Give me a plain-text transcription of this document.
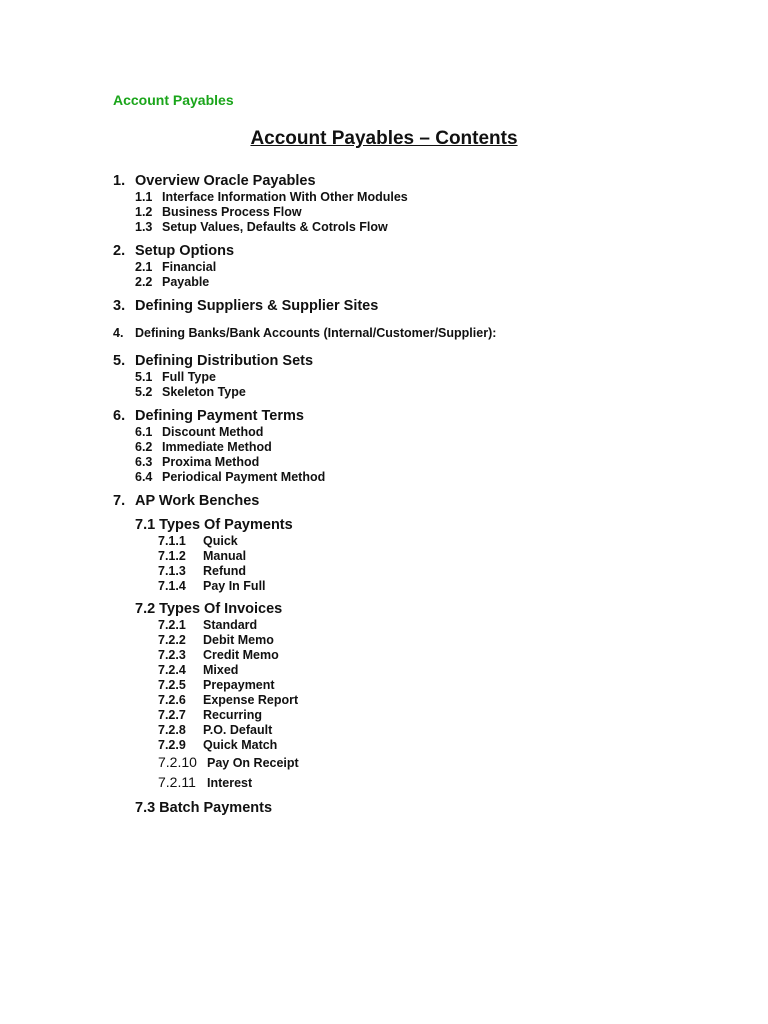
Account Payables
Account Payables – Contents
1. Overview Oracle Payables
1.1 Interface Information With Other Modules
1.2 Business Process Flow
1.3 Setup Values, Defaults & Cotrols Flow
2. Setup Options
2.1 Financial
2.2 Payable
3. Defining Suppliers & Supplier Sites
4. Defining Banks/Bank Accounts (Internal/Customer/Supplier):
5. Defining Distribution Sets
5.1 Full Type
5.2 Skeleton Type
6. Defining Payment Terms
6.1 Discount Method
6.2 Immediate Method
6.3 Proxima Method
6.4 Periodical Payment Method
7. AP Work Benches
7.1 Types Of Payments
7.1.1 Quick
7.1.2 Manual
7.1.3 Refund
7.1.4 Pay In Full
7.2 Types Of Invoices
7.2.1 Standard
7.2.2 Debit Memo
7.2.3 Credit Memo
7.2.4 Mixed
7.2.5 Prepayment
7.2.6 Expense Report
7.2.7 Recurring
7.2.8 P.O. Default
7.2.9 Quick Match
7.2.10 Pay On Receipt
7.2.11 Interest
7.3 Batch Payments
